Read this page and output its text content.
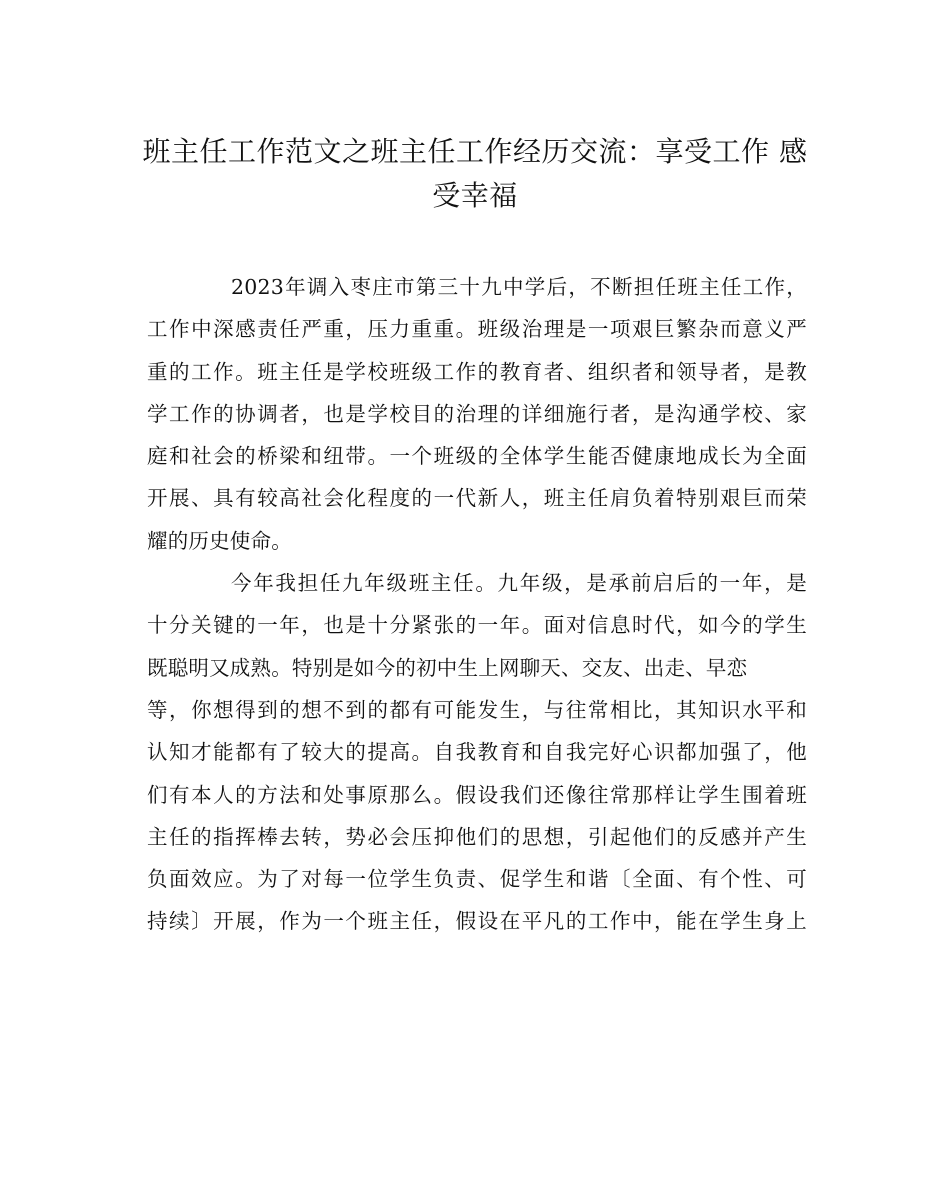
班主任工作范文之班主任工作经历交流：享受工作 感
受幸福
2023年调入枣庄市第三十九中学后，不断担任班主任工作，
工作中深感责任严重，压力重重。班级治理是一项艰巨繁杂而意义严
重的工作。班主任是学校班级工作的教育者、组织者和领导者，是教
学工作的协调者，也是学校目的治理的详细施行者，是沟通学校、家
庭和社会的桥梁和纽带。一个班级的全体学生能否健康地成长为全面
开展、具有较高社会化程度的一代新人，班主任肩负着特别艰巨而荣
耀的历史使命。
今年我担任九年级班主任。九年级，是承前启后的一年，是
十分关键的一年，也是十分紧张的一年。面对信息时代，如今的学生
既聪明又成熟。特别是如今的初中生上网聊天、交友、出走、早恋
等，你想得到的想不到的都有可能发生，与往常相比，其知识水平和
认知才能都有了较大的提高。自我教育和自我完好心识都加强了，他
们有本人的方法和处事原那么。假设我们还像往常那样让学生围着班
主任的指挥棒去转，势必会压抑他们的思想，引起他们的反感并产生
负面效应。为了对每一位学生负责、促学生和谐〔全面、有个性、可
持续〕开展，作为一个班主任，假设在平凡的工作中，能在学生身上
